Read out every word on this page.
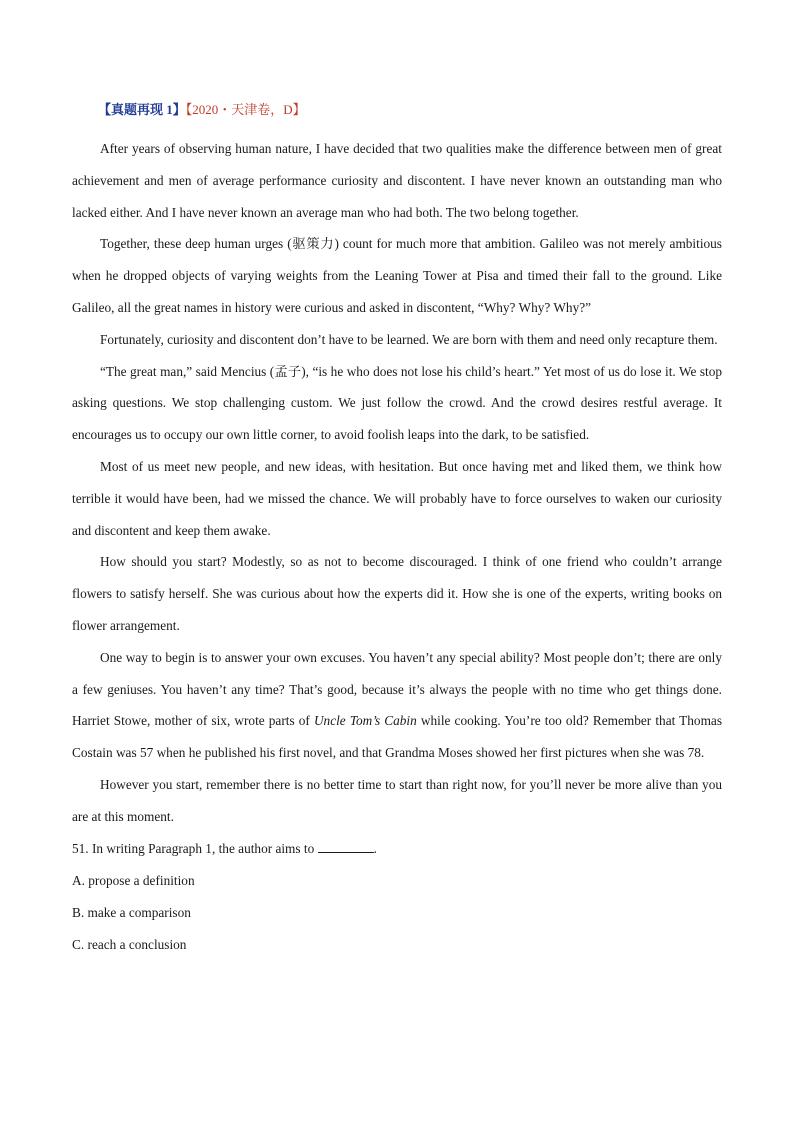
【真题再现 1】【2020・天津卷，D】

After years of observing human nature, I have decided that two qualities make the difference between men of great achievement and men of average performance curiosity and discontent. I have never known an outstanding man who lacked either. And I have never known an average man who had both. The two belong together.

Together, these deep human urges (驱策力) count for much more that ambition. Galileo was not merely ambitious when he dropped objects of varying weights from the Leaning Tower at Pisa and timed their fall to the ground. Like Galileo, all the great names in history were curious and asked in discontent, “Why? Why? Why?”

Fortunately, curiosity and discontent don’t have to be learned. We are born with them and need only recapture them.

“The great man,” said Mencius (孟子), “is he who does not lose his child’s heart.” Yet most of us do lose it. We stop asking questions. We stop challenging custom. We just follow the crowd. And the crowd desires restful average. It encourages us to occupy our own little corner, to avoid foolish leaps into the dark, to be satisfied.

Most of us meet new people, and new ideas, with hesitation. But once having met and liked them, we think how terrible it would have been, had we missed the chance. We will probably have to force ourselves to waken our curiosity and discontent and keep them awake.

How should you start? Modestly, so as not to become discouraged. I think of one friend who couldn’t arrange flowers to satisfy herself. She was curious about how the experts did it. How she is one of the experts, writing books on flower arrangement.

One way to begin is to answer your own excuses. You haven’t any special ability? Most people don’t; there are only a few geniuses. You haven’t any time? That’s good, because it’s always the people with no time who get things done. Harriet Stowe, mother of six, wrote parts of Uncle Tom’s Cabin while cooking. You’re too old? Remember that Thomas Costain was 57 when he published his first novel, and that Grandma Moses showed her first pictures when she was 78.

However you start, remember there is no better time to start than right now, for you’ll never be more alive than you are at this moment.

51. In writing Paragraph 1, the author aims to	.

A. propose a definition

B. make a comparison

C. reach a conclusion
